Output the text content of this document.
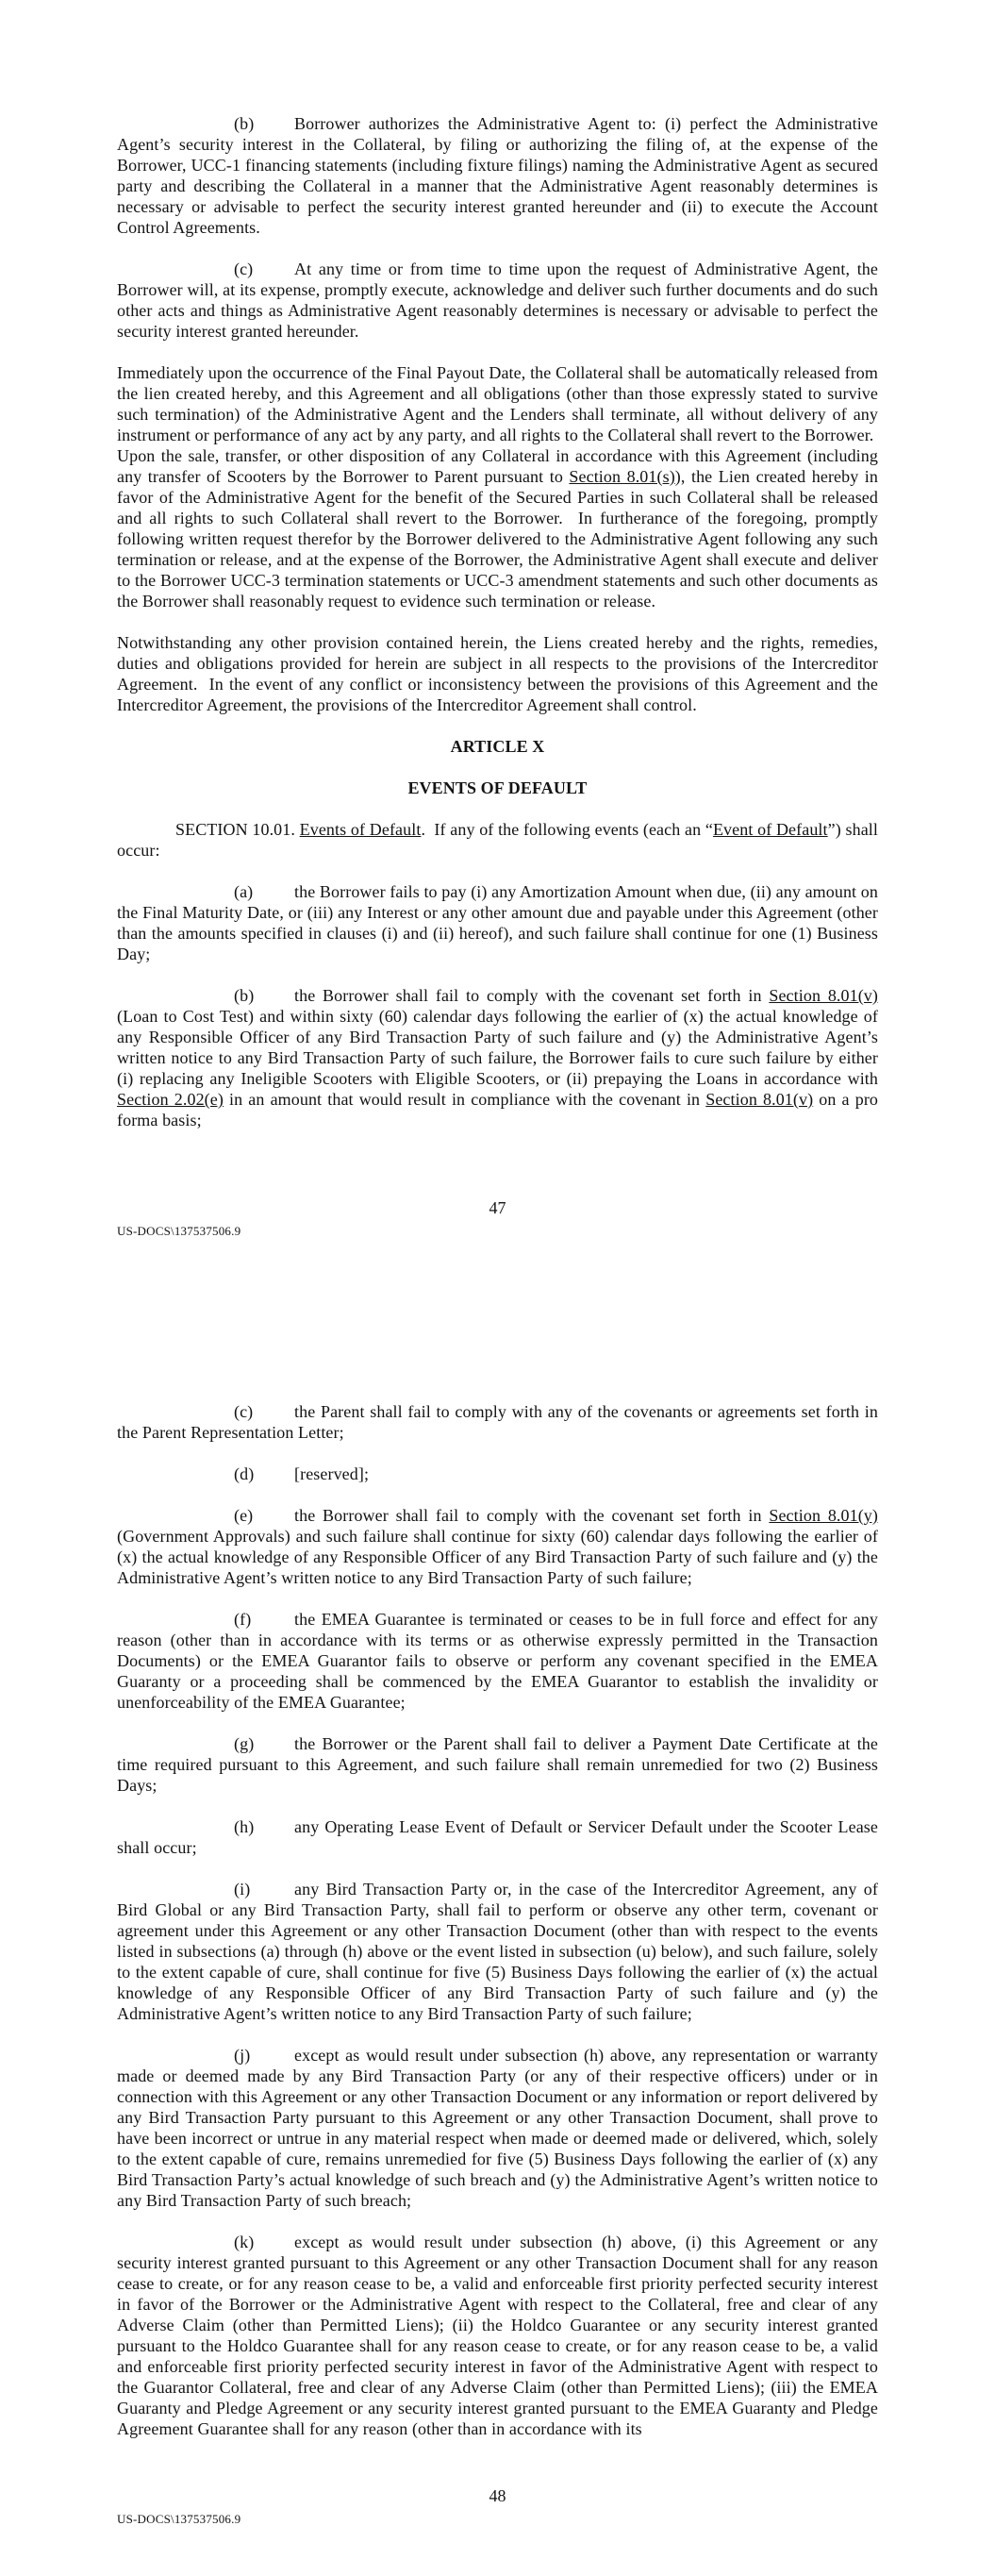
(b) Borrower authorizes the Administrative Agent to: (i) perfect the Administrative Agent’s security interest in the Collateral, by filing or authorizing the filing of, at the expense of the Borrower, UCC-1 financing statements (including fixture filings) naming the Administrative Agent as secured party and describing the Collateral in a manner that the Administrative Agent reasonably determines is necessary or advisable to perfect the security interest granted hereunder and (ii) to execute the Account Control Agreements.

(c) At any time or from time to time upon the request of Administrative Agent, the Borrower will, at its expense, promptly execute, acknowledge and deliver such further documents and do such other acts and things as Administrative Agent reasonably determines is necessary or advisable to perfect the security interest granted hereunder.

Immediately upon the occurrence of the Final Payout Date, the Collateral shall be automatically released from the lien created hereby, and this Agreement and all obligations (other than those expressly stated to survive such termination) of the Administrative Agent and the Lenders shall terminate, all without delivery of any instrument or performance of any act by any party, and all rights to the Collateral shall revert to the Borrower.  Upon the sale, transfer, or other disposition of any Collateral in accordance with this Agreement (including any transfer of Scooters by the Borrower to Parent pursuant to Section 8.01(s)), the Lien created hereby in favor of the Administrative Agent for the benefit of the Secured Parties in such Collateral shall be released and all rights to such Collateral shall revert to the Borrower.  In furtherance of the foregoing, promptly following written request therefor by the Borrower delivered to the Administrative Agent following any such termination or release, and at the expense of the Borrower, the Administrative Agent shall execute and deliver to the Borrower UCC-3 termination statements or UCC-3 amendment statements and such other documents as the Borrower shall reasonably request to evidence such termination or release.

Notwithstanding any other provision contained herein, the Liens created hereby and the rights, remedies, duties and obligations provided for herein are subject in all respects to the provisions of the Intercreditor Agreement.  In the event of any conflict or inconsistency between the provisions of this Agreement and the Intercreditor Agreement, the provisions of the Intercreditor Agreement shall control.

ARTICLE X

EVENTS OF DEFAULT

SECTION 10.01. Events of Default.  If any of the following events (each an “Event of Default”) shall occur:

(a) the Borrower fails to pay (i) any Amortization Amount when due, (ii) any amount on the Final Maturity Date, or (iii) any Interest or any other amount due and payable under this Agreement (other than the amounts specified in clauses (i) and (ii) hereof), and such failure shall continue for one (1) Business Day;

(b) the Borrower shall fail to comply with the covenant set forth in Section 8.01(v) (Loan to Cost Test) and within sixty (60) calendar days following the earlier of (x) the actual knowledge of any Responsible Officer of any Bird Transaction Party of such failure and (y) the Administrative Agent’s written notice to any Bird Transaction Party of such failure, the Borrower fails to cure such failure by either (i) replacing any Ineligible Scooters with Eligible Scooters, or (ii) prepaying the Loans in accordance with Section 2.02(e) in an amount that would result in compliance with the covenant in Section 8.01(v) on a pro forma basis;

47
US-DOCS\137537506.9

(c) the Parent shall fail to comply with any of the covenants or agreements set forth in the Parent Representation Letter;

(d) [reserved];

(e) the Borrower shall fail to comply with the covenant set forth in Section 8.01(y) (Government Approvals) and such failure shall continue for sixty (60) calendar days following the earlier of (x) the actual knowledge of any Responsible Officer of any Bird Transaction Party of such failure and (y) the Administrative Agent’s written notice to any Bird Transaction Party of such failure;

(f)	the EMEA Guarantee is terminated or ceases to be in full force and effect for any reason (other than in accordance with its terms or as otherwise expressly permitted in the Transaction Documents) or the EMEA Guarantor fails to observe or perform any covenant specified in the EMEA Guaranty or a proceeding shall be commenced by the EMEA Guarantor to establish the invalidity or unenforceability of the EMEA Guarantee;

(g) the Borrower or the Parent shall fail to deliver a Payment Date Certificate at the time required pursuant to this Agreement, and such failure shall remain unremedied for two (2) Business Days;

(h) any Operating Lease Event of Default or Servicer Default under the Scooter Lease shall occur;

(i)	any Bird Transaction Party or, in the case of the Intercreditor Agreement, any of Bird Global or any Bird Transaction Party, shall fail to perform or observe any other term, covenant or agreement under this Agreement or any other Transaction Document (other than with respect to the events listed in subsections (a) through (h) above or the event listed in subsection (u) below), and such failure, solely to the extent capable of cure, shall continue for five (5) Business Days following the earlier of (x) the actual knowledge of any Responsible Officer of any Bird Transaction Party of such failure and (y) the Administrative Agent’s written notice to any Bird Transaction Party of such failure;

(j)	except as would result under subsection (h) above, any representation or warranty made or deemed made by any Bird Transaction Party (or any of their respective officers) under or in connection with this Agreement or any other Transaction Document or any information or report delivered by any Bird Transaction Party pursuant to this Agreement or any other Transaction Document, shall prove to have been incorrect or untrue in any material respect when made or deemed made or delivered, which, solely to the extent capable of cure, remains unremedied for five (5) Business Days following the earlier of (x) any Bird Transaction Party’s actual knowledge of such breach and (y) the Administrative Agent’s written notice to any Bird Transaction Party of such breach;

(k) except as would result under subsection (h) above, (i) this Agreement or any security interest granted pursuant to this Agreement or any other Transaction Document shall for any reason cease to create, or for any reason cease to be, a valid and enforceable first priority perfected security interest in favor of the Borrower or the Administrative Agent with respect to the Collateral, free and clear of any Adverse Claim (other than Permitted Liens); (ii) the Holdco Guarantee or any security interest granted pursuant to the Holdco Guarantee shall for any reason cease to create, or for any reason cease to be, a valid and enforceable first priority perfected security interest in favor of the Administrative Agent with respect to the Guarantor Collateral, free and clear of any Adverse Claim (other than Permitted Liens); (iii) the EMEA Guaranty and Pledge Agreement or any security interest granted pursuant to the EMEA Guaranty and Pledge Agreement Guarantee shall for any reason (other than in accordance with its

48
US-DOCS\137537506.9
